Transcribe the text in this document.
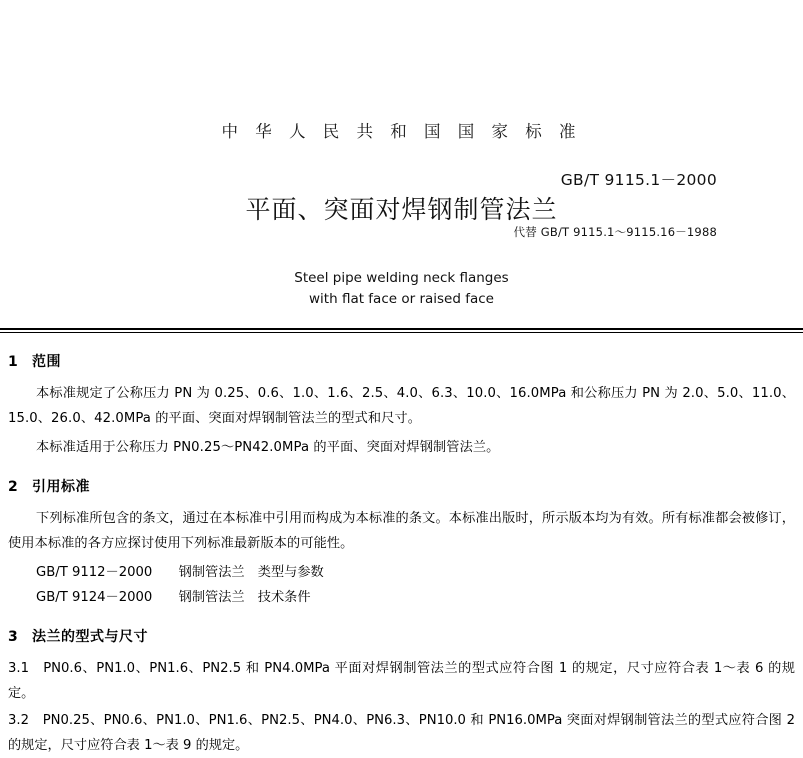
中 华 人 民 共 和 国 国 家 标 准
GB/T 9115.1－2000
平面、突面对焊钢制管法兰
代替 GB/T 9115.1～9115.16－1988
Steel pipe welding neck flanges
with flat face or raised face
1 范围

本标准规定了公称压力 PN 为 0.25、0.6、1.0、1.6、2.5、4.0、6.3、10.0、16.0MPa 和公称压力 PN 为 2.0、5.0、11.0、15.0、26.0、42.0MPa 的平面、突面对焊钢制管法兰的型式和尺寸。

本标准适用于公称压力 PN0.25～PN42.0MPa 的平面、突面对焊钢制管法兰。

2 引用标准

下列标准所包含的条文，通过在本标准中引用而构成为本标准的条文。本标准出版时，所示版本均为有效。所有标准都会被修订，使用本标准的各方应探讨使用下列标准最新版本的可能性。

GB/T 9112－2000　　钢制管法兰　类型与参数

GB/T 9124－2000　　钢制管法兰　技术条件

3 法兰的型式与尺寸

3.1　PN0.6、PN1.0、PN1.6、PN2.5 和 PN4.0MPa 平面对焊钢制管法兰的型式应符合图 1 的规定，尺寸应符合表 1～表 6 的规定。

3.2　PN0.25、PN0.6、PN1.0、PN1.6、PN2.5、PN4.0、PN6.3、PN10.0 和 PN16.0MPa 突面对焊钢制管法兰的型式应符合图 2 的规定，尺寸应符合表 1～表 9 的规定。
